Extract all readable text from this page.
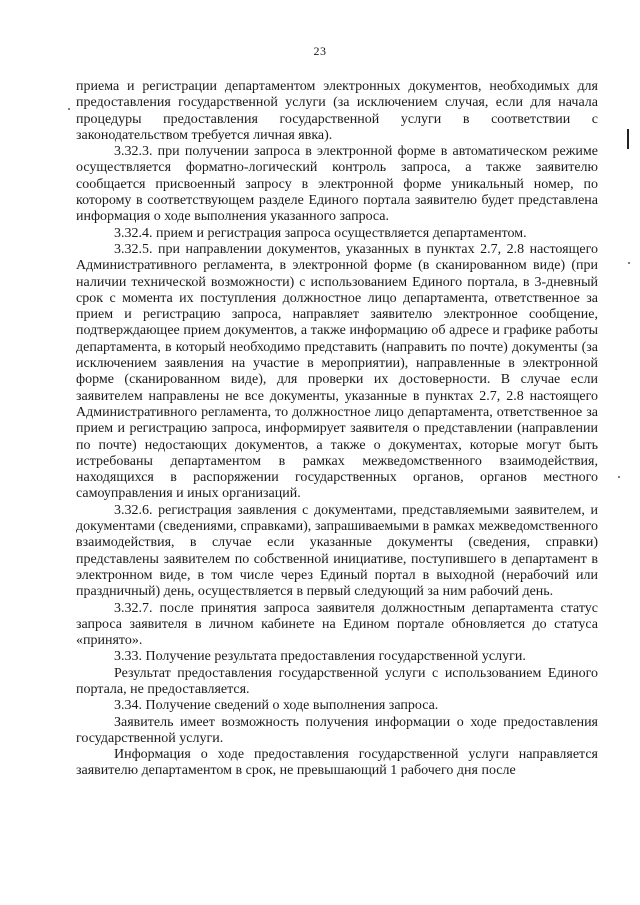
23

приема и регистрации департаментом электронных документов, необходимых для предоставления государственной услуги (за исключением случая, если для начала процедуры предоставления государственной услуги в соответствии с законодательством требуется личная явка).

3.32.3. при получении запроса в электронной форме в автоматическом режиме осуществляется форматно-логический контроль запроса, а также заявителю сообщается присвоенный запросу в электронной форме уникальный номер, по которому в соответствующем разделе Единого портала заявителю будет представлена информация о ходе выполнения указанного запроса.

3.32.4. прием и регистрация запроса осуществляется департаментом.

3.32.5. при направлении документов, указанных в пунктах 2.7, 2.8 настоящего Административного регламента, в электронной форме (в сканированном виде) (при наличии технической возможности) с использованием Единого портала, в 3-дневный срок с момента их поступления должностное лицо департамента, ответственное за прием и регистрацию запроса, направляет заявителю электронное сообщение, подтверждающее прием документов, а также информацию об адресе и графике работы департамента, в который необходимо представить (направить по почте) документы (за исключением заявления на участие в мероприятии), направленные в электронной форме (сканированном виде), для проверки их достоверности. В случае если заявителем направлены не все документы, указанные в пунктах 2.7, 2.8 настоящего Административного регламента, то должностное лицо департамента, ответственное за прием и регистрацию запроса, информирует заявителя о представлении (направлении по почте) недостающих документов, а также о документах, которые могут быть истребованы департаментом в рамках межведомственного взаимодействия, находящихся в распоряжении государственных органов, органов местного самоуправления и иных организаций.

3.32.6. регистрация заявления с документами, представляемыми заявителем, и документами (сведениями, справками), запрашиваемыми в рамках межведомственного взаимодействия, в случае если указанные документы (сведения, справки) представлены заявителем по собственной инициативе, поступившего в департамент в электронном виде, в том числе через Единый портал в выходной (нерабочий или праздничный) день, осуществляется в первый следующий за ним рабочий день.

3.32.7. после принятия запроса заявителя должностным департамента статус запроса заявителя в личном кабинете на Едином портале обновляется до статуса «принято».

3.33. Получение результата предоставления государственной услуги.

Результат предоставления государственной услуги с использованием Единого портала, не предоставляется.

3.34. Получение сведений о ходе выполнения запроса.

Заявитель имеет возможность получения информации о ходе предоставления государственной услуги.

Информация о ходе предоставления государственной услуги направляется заявителю департаментом в срок, не превышающий 1 рабочего дня после
